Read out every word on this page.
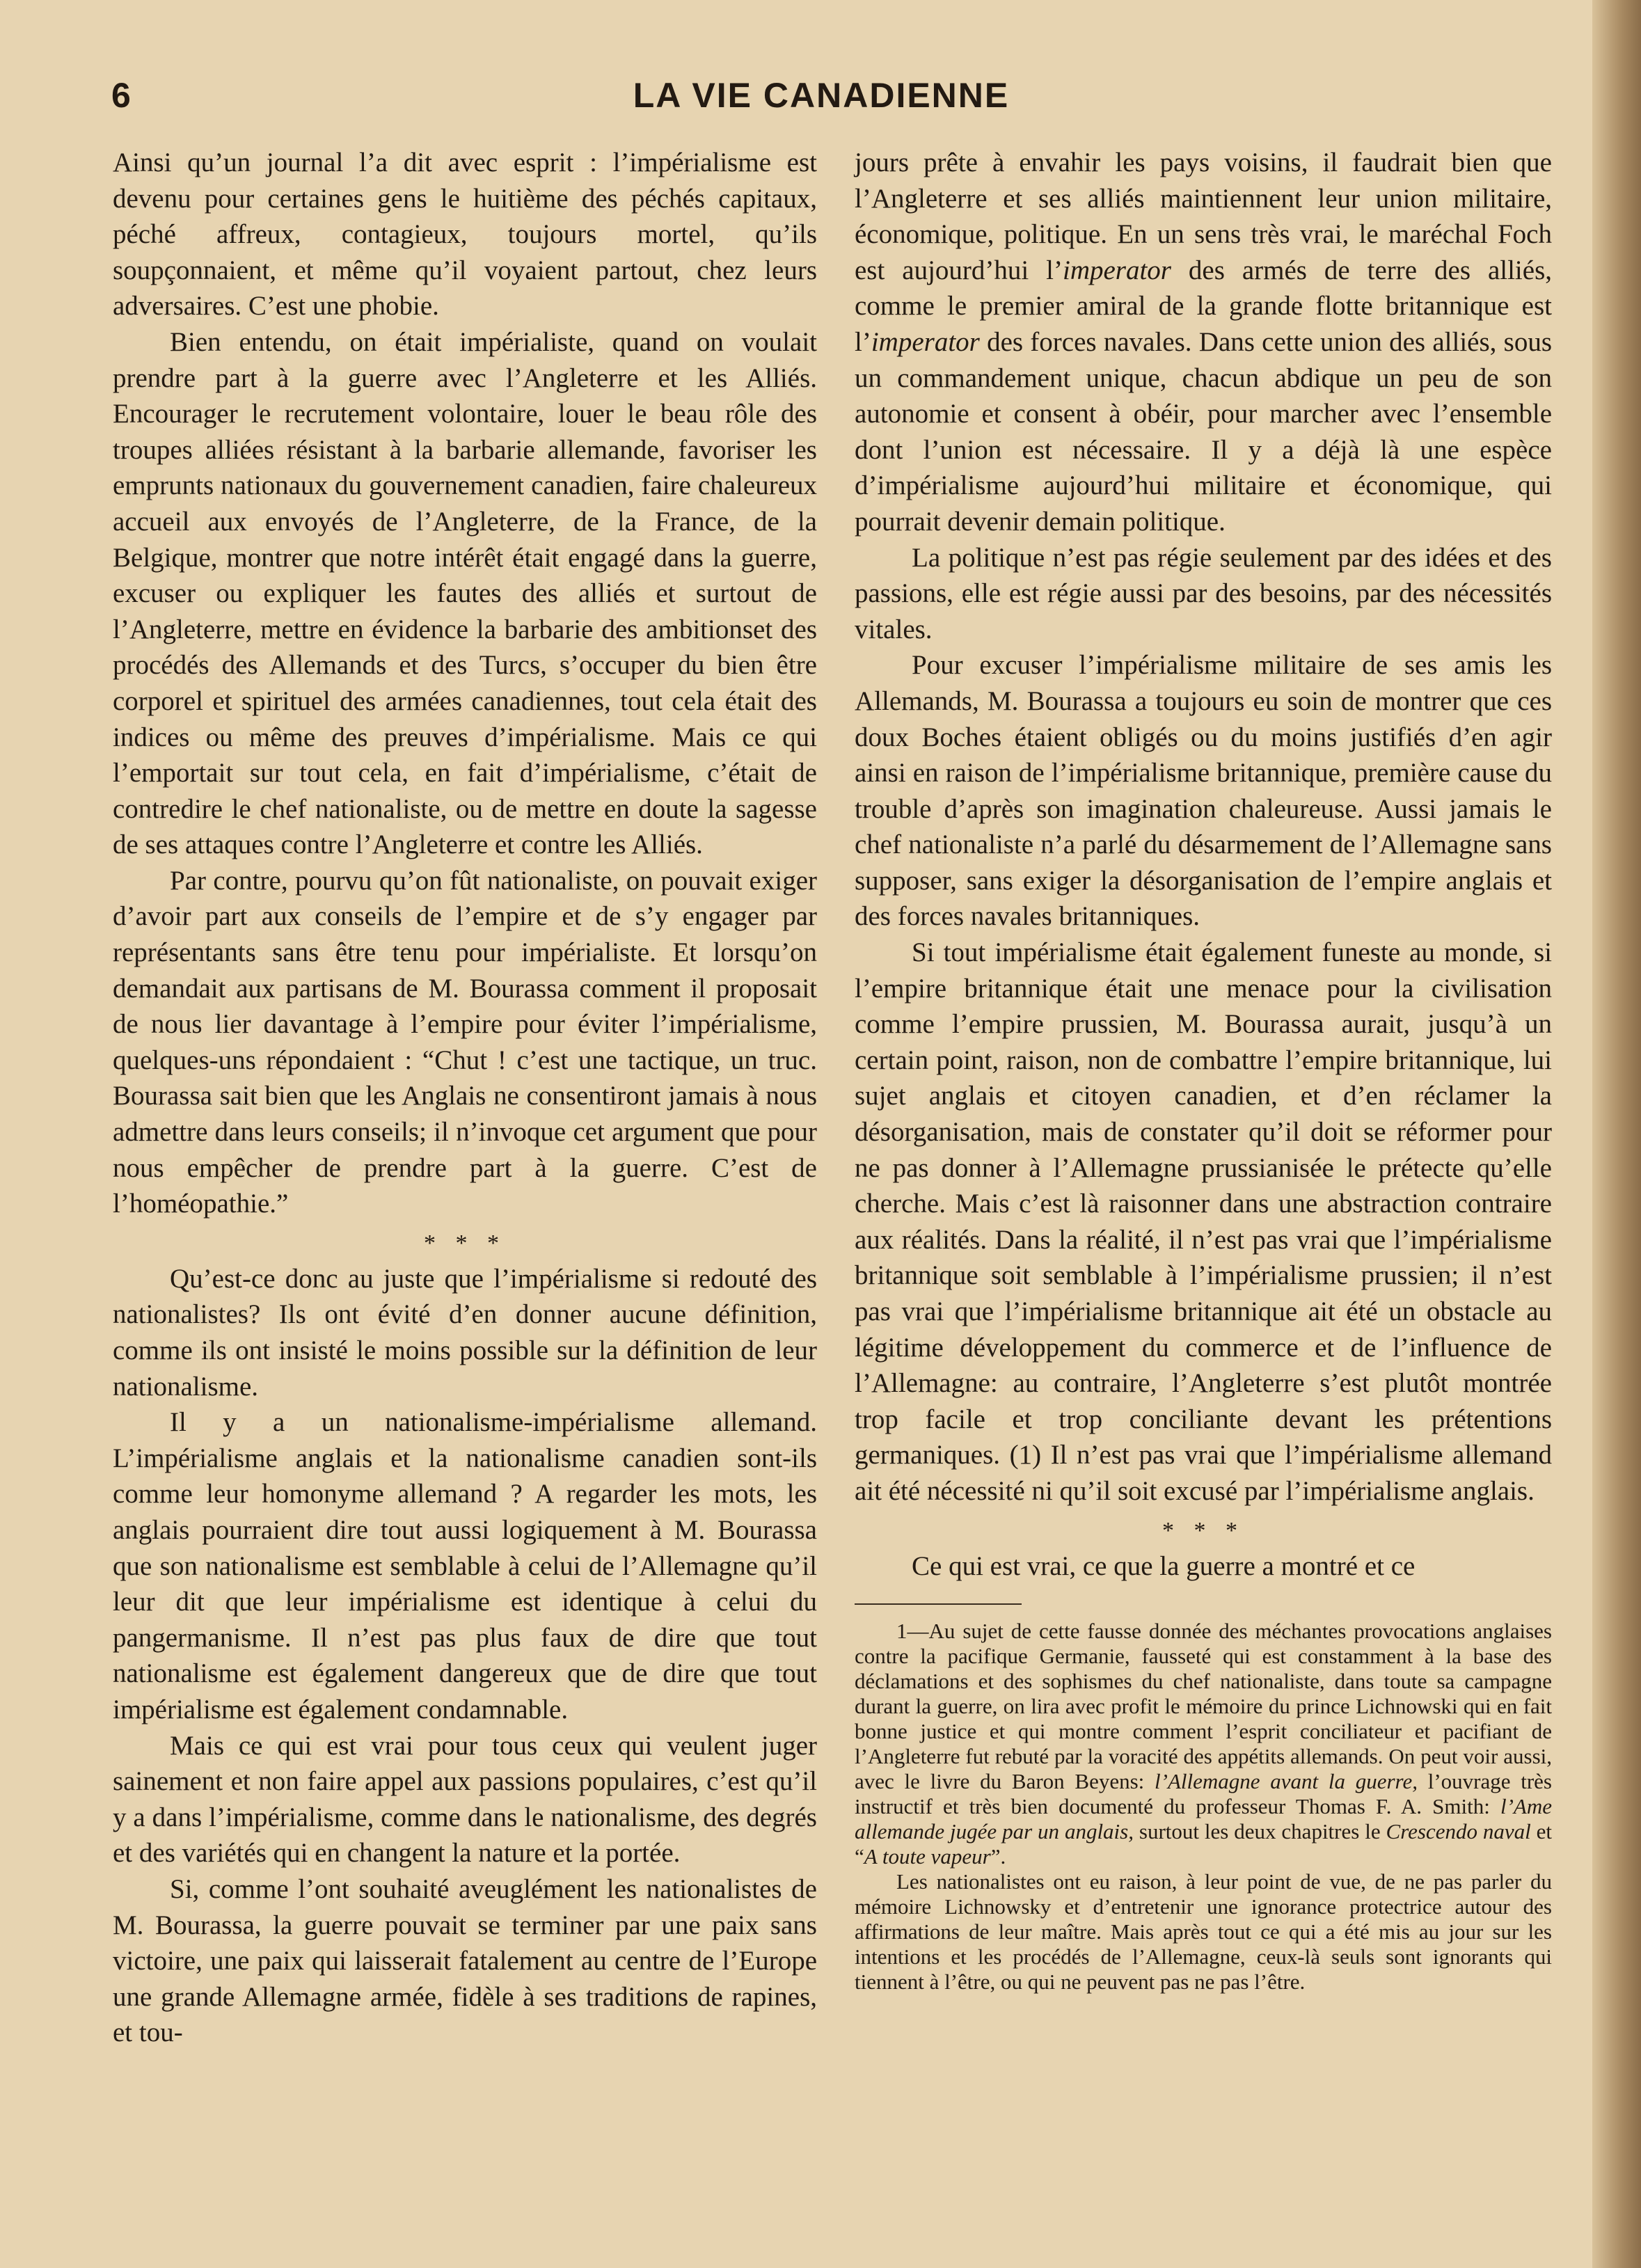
6	LA VIE CANADIENNE

Ainsi qu’un journal l’a dit avec esprit : l’impérialisme est devenu pour certaines gens le huitième des péchés capitaux, péché affreux, contagieux, toujours mortel, qu’ils soupçonnaient, et même qu’il voyaient partout, chez leurs adversaires. C’est une phobie.

Bien entendu, on était impérialiste, quand on voulait prendre part à la guerre avec l’Angleterre et les Alliés. Encourager le recrutement volontaire, louer le beau rôle des troupes alliées résistant à la barbarie allemande, favoriser les emprunts nationaux du gouvernement canadien, faire chaleureux accueil aux envoyés de l’Angleterre, de la France, de la Belgique, montrer que notre intérêt était engagé dans la guerre, excuser ou expliquer les fautes des alliés et surtout de l’Angleterre, mettre en évidence la barbarie des ambitionset des procédés des Allemands et des Turcs, s’occuper du bien être corporel et spirituel des armées canadiennes, tout cela était des indices ou même des preuves d’impérialisme. Mais ce qui l’emportait sur tout cela, en fait d’impérialisme, c’était de contredire le chef nationaliste, ou de mettre en doute la sagesse de ses attaques contre l’Angleterre et contre les Alliés.

Par contre, pourvu qu’on fût nationaliste, on pouvait exiger d’avoir part aux conseils de l’empire et de s’y engager par représentants sans être tenu pour impérialiste. Et lorsqu’on demandait aux partisans de M. Bourassa comment il proposait de nous lier davantage à l’empire pour éviter l’impérialisme, quelques-uns répondaient : “Chut ! c’est une tactique, un truc. Bourassa sait bien que les Anglais ne consentiront jamais à nous admettre dans leurs conseils; il n’invoque cet argument que pour nous empêcher de prendre part à la guerre. C’est de l’homéopathie.”

* * *

Qu’est-ce donc au juste que l’impérialisme si redouté des nationalistes? Ils ont évité d’en donner aucune définition, comme ils ont insisté le moins possible sur la définition de leur nationalisme.

Il y a un nationalisme-impérialisme allemand. L’impérialisme anglais et la nationalisme canadien sont-ils comme leur homonyme allemand ? A regarder les mots, les anglais pourraient dire tout aussi logiquement à M. Bourassa que son nationalisme est semblable à celui de l’Allemagne qu’il leur dit que leur impérialisme est identique à celui du pangermanisme. Il n’est pas plus faux de dire que tout nationalisme est également dangereux que de dire que tout impérialisme est également condamnable.

Mais ce qui est vrai pour tous ceux qui veulent juger sainement et non faire appel aux passions populaires, c’est qu’il y a dans l’impérialisme, comme dans le nationalisme, des degrés et des variétés qui en changent la nature et la portée.

Si, comme l’ont souhaité aveuglément les nationalistes de M. Bourassa, la guerre pouvait se terminer par une paix sans victoire, une paix qui laisserait fatalement au centre de l’Europe une grande Allemagne armée, fidèle à ses traditions de rapines, et tou-

jours prête à envahir les pays voisins, il faudrait bien que l’Angleterre et ses alliés maintiennent leur union militaire, économique, politique. En un sens très vrai, le maréchal Foch est aujourd’hui l’imperator des armés de terre des alliés, comme le premier amiral de la grande flotte britannique est l’imperator des forces navales. Dans cette union des alliés, sous un commandement unique, chacun abdique un peu de son autonomie et consent à obéir, pour marcher avec l’ensemble dont l’union est nécessaire. Il y a déjà là une espèce d’impérialisme aujourd’hui militaire et économique, qui pourrait devenir demain politique.

La politique n’est pas régie seulement par des idées et des passions, elle est régie aussi par des besoins, par des nécessités vitales.

Pour excuser l’impérialisme militaire de ses amis les Allemands, M. Bourassa a toujours eu soin de montrer que ces doux Boches étaient obligés ou du moins justifiés d’en agir ainsi en raison de l’impérialisme britannique, première cause du trouble d’après son imagination chaleureuse. Aussi jamais le chef nationaliste n’a parlé du désarmement de l’Allemagne sans supposer, sans exiger la désorganisation de l’empire anglais et des forces navales britanniques.

Si tout impérialisme était également funeste au monde, si l’empire britannique était une menace pour la civilisation comme l’empire prussien, M. Bourassa aurait, jusqu’à un certain point, raison, non de combattre l’empire britannique, lui sujet anglais et citoyen canadien, et d’en réclamer la désorganisation, mais de constater qu’il doit se réformer pour ne pas donner à l’Allemagne prussianisée le prétecte qu’elle cherche. Mais c’est là raisonner dans une abstraction contraire aux réalités. Dans la réalité, il n’est pas vrai que l’impérialisme britannique soit semblable à l’impérialisme prussien; il n’est pas vrai que l’impérialisme britannique ait été un obstacle au légitime développement du commerce et de l’influence de l’Allemagne: au contraire, l’Angleterre s’est plutôt montrée trop facile et trop conciliante devant les prétentions germaniques. (1) Il n’est pas vrai que l’impérialisme allemand ait été nécessité ni qu’il soit excusé par l’impérialisme anglais.

* * *

Ce qui est vrai, ce que la guerre a montré et ce

1—Au sujet de cette fausse donnée des méchantes provocations anglaises contre la pacifique Germanie, fausseté qui est constamment à la base des déclamations et des sophismes du chef nationaliste, dans toute sa campagne durant la guerre, on lira avec profit le mémoire du prince Lichnowski qui en fait bonne justice et qui montre comment l’esprit conciliateur et pacifiant de l’Angleterre fut rebuté par la voracité des appétits allemands. On peut voir aussi, avec le livre du Baron Beyens: l’Allemagne avant la guerre, l’ouvrage très instructif et très bien documenté du professeur Thomas F. A. Smith: l’Ame allemande jugée par un anglais, surtout les deux chapitres le Crescendo naval et “A toute vapeur”.

Les nationalistes ont eu raison, à leur point de vue, de ne pas parler du mémoire Lichnowsky et d’entretenir une ignorance protectrice autour des affirmations de leur maître. Mais après tout ce qui a été mis au jour sur les intentions et les procédés de l’Allemagne, ceux-là seuls sont ignorants qui tiennent à l’être, ou qui ne peuvent pas ne pas l’être.
